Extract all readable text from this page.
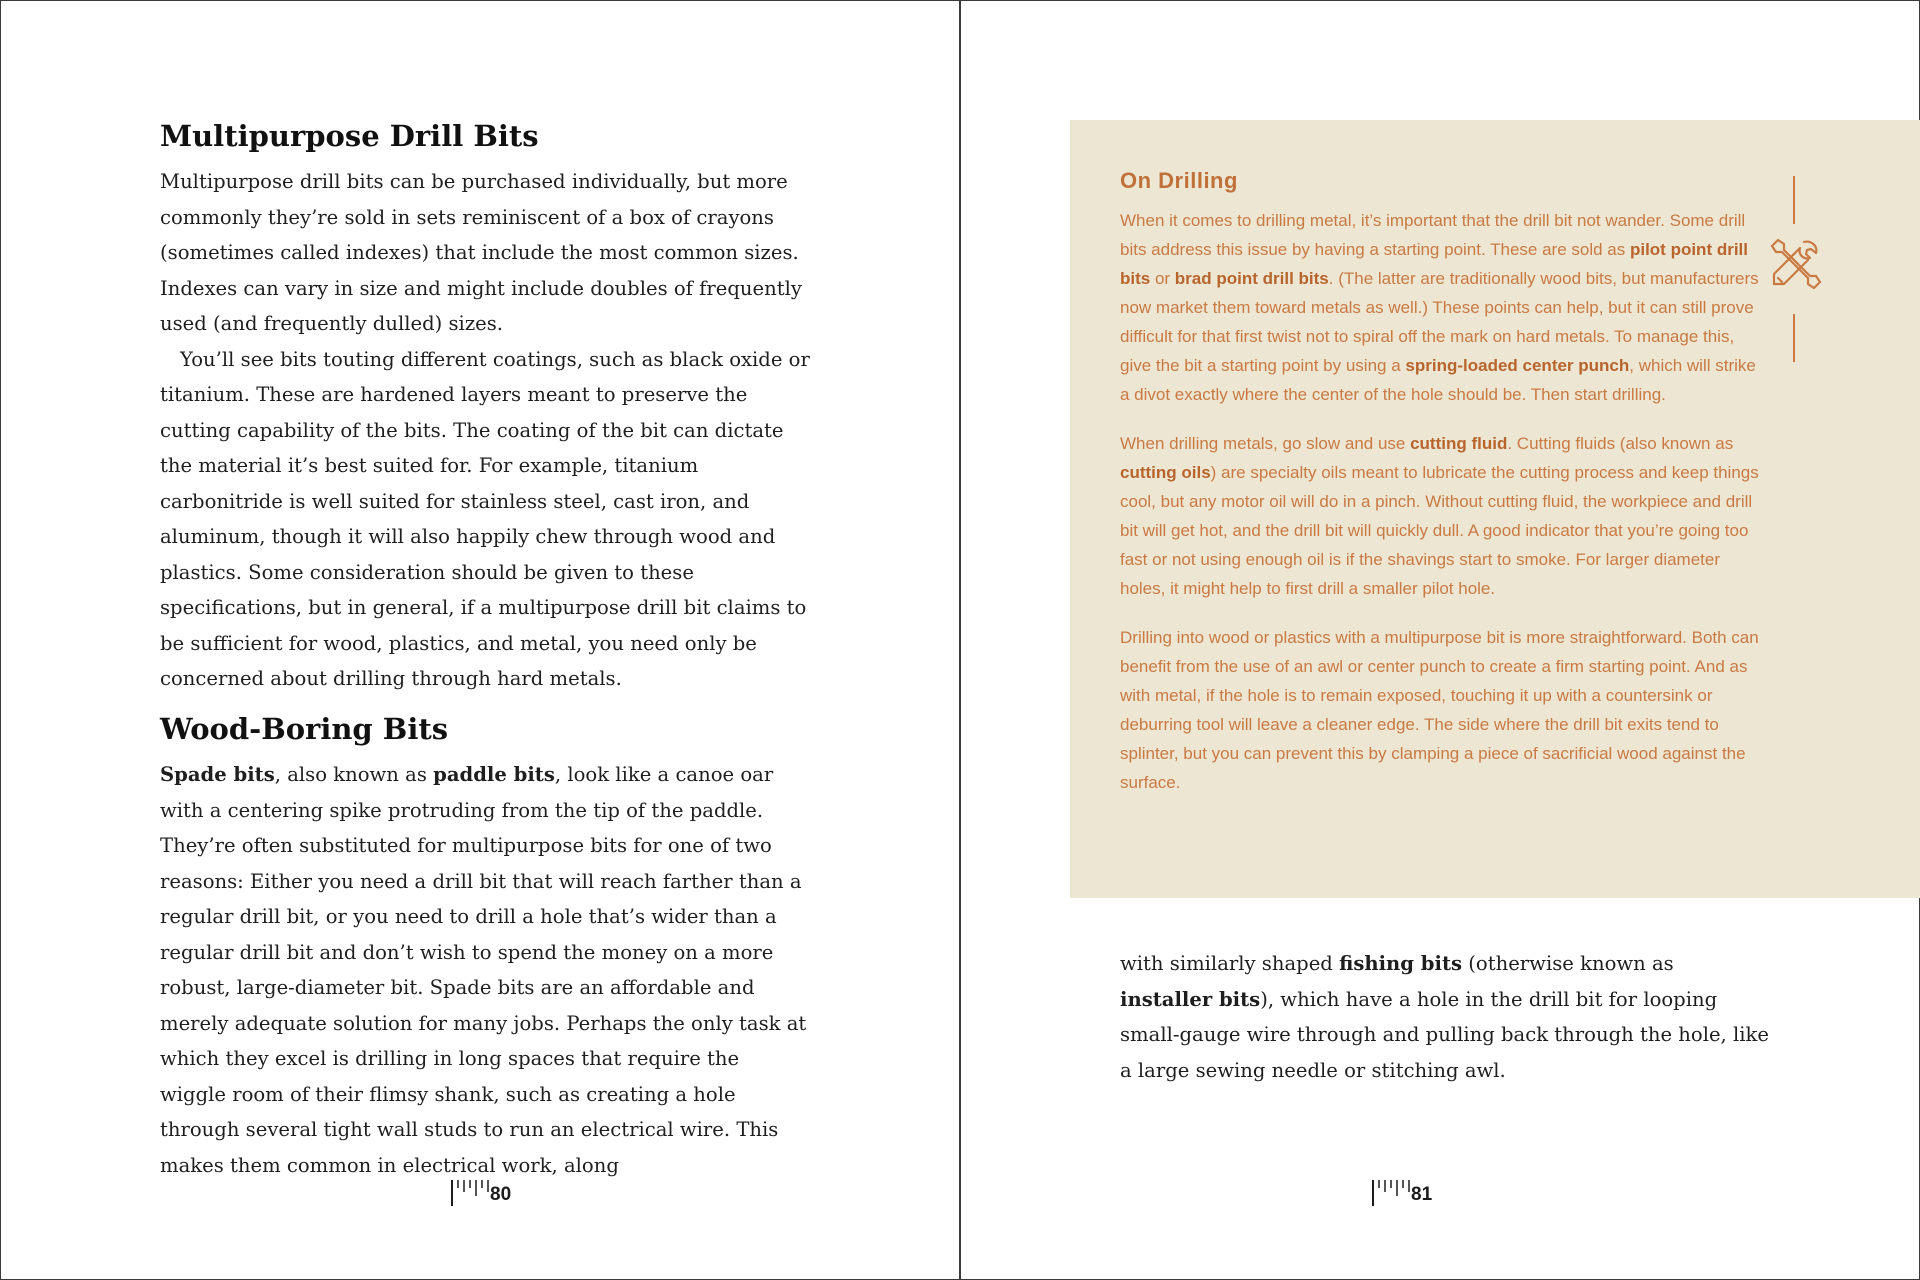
Multipurpose Drill Bits

Multipurpose drill bits can be purchased individually, but more commonly they’re sold in sets reminiscent of a box of crayons (sometimes called indexes) that include the most common sizes. Indexes can vary in size and might include doubles of frequently used (and frequently dulled) sizes.

You’ll see bits touting different coatings, such as black oxide or titanium. These are hardened layers meant to preserve the cutting capability of the bits. The coating of the bit can dictate the material it’s best suited for. For example, titanium carbonitride is well suited for stainless steel, cast iron, and aluminum, though it will also happily chew through wood and plastics. Some consideration should be given to these specifications, but in general, if a multipurpose drill bit claims to be sufficient for wood, plastics, and metal, you need only be concerned about drilling through hard metals.

Wood-Boring Bits

Spade bits, also known as paddle bits, look like a canoe oar with a centering spike protruding from the tip of the paddle. They’re often substituted for multipurpose bits for one of two reasons: Either you need a drill bit that will reach farther than a regular drill bit, or you need to drill a hole that’s wider than a regular drill bit and don’t wish to spend the money on a more robust, large-diameter bit. Spade bits are an affordable and merely adequate solution for many jobs. Perhaps the only task at which they excel is drilling in long spaces that require the wiggle room of their flimsy shank, such as creating a hole through several tight wall studs to run an electrical wire. This makes them common in electrical work, along

80
On Drilling

When it comes to drilling metal, it’s important that the drill bit not wander. Some drill bits address this issue by having a starting point. These are sold as pilot point drill bits or brad point drill bits. (The latter are traditionally wood bits, but manufacturers now market them toward metals as well.) These points can help, but it can still prove difficult for that first twist not to spiral off the mark on hard metals. To manage this, give the bit a starting point by using a spring-loaded center punch, which will strike a divot exactly where the center of the hole should be. Then start drilling.

When drilling metals, go slow and use cutting fluid. Cutting fluids (also known as cutting oils) are specialty oils meant to lubricate the cutting process and keep things cool, but any motor oil will do in a pinch. Without cutting fluid, the workpiece and drill bit will get hot, and the drill bit will quickly dull. A good indicator that you’re going too fast or not using enough oil is if the shavings start to smoke. For larger diameter holes, it might help to first drill a smaller pilot hole.

Drilling into wood or plastics with a multipurpose bit is more straightforward. Both can benefit from the use of an awl or center punch to create a firm starting point. And as with metal, if the hole is to remain exposed, touching it up with a countersink or deburring tool will leave a cleaner edge. The side where the drill bit exits tend to splinter, but you can prevent this by clamping a piece of sacrificial wood against the surface.

with similarly shaped fishing bits (otherwise known as installer bits), which have a hole in the drill bit for looping small-gauge wire through and pulling back through the hole, like a large sewing needle or stitching awl.

81
